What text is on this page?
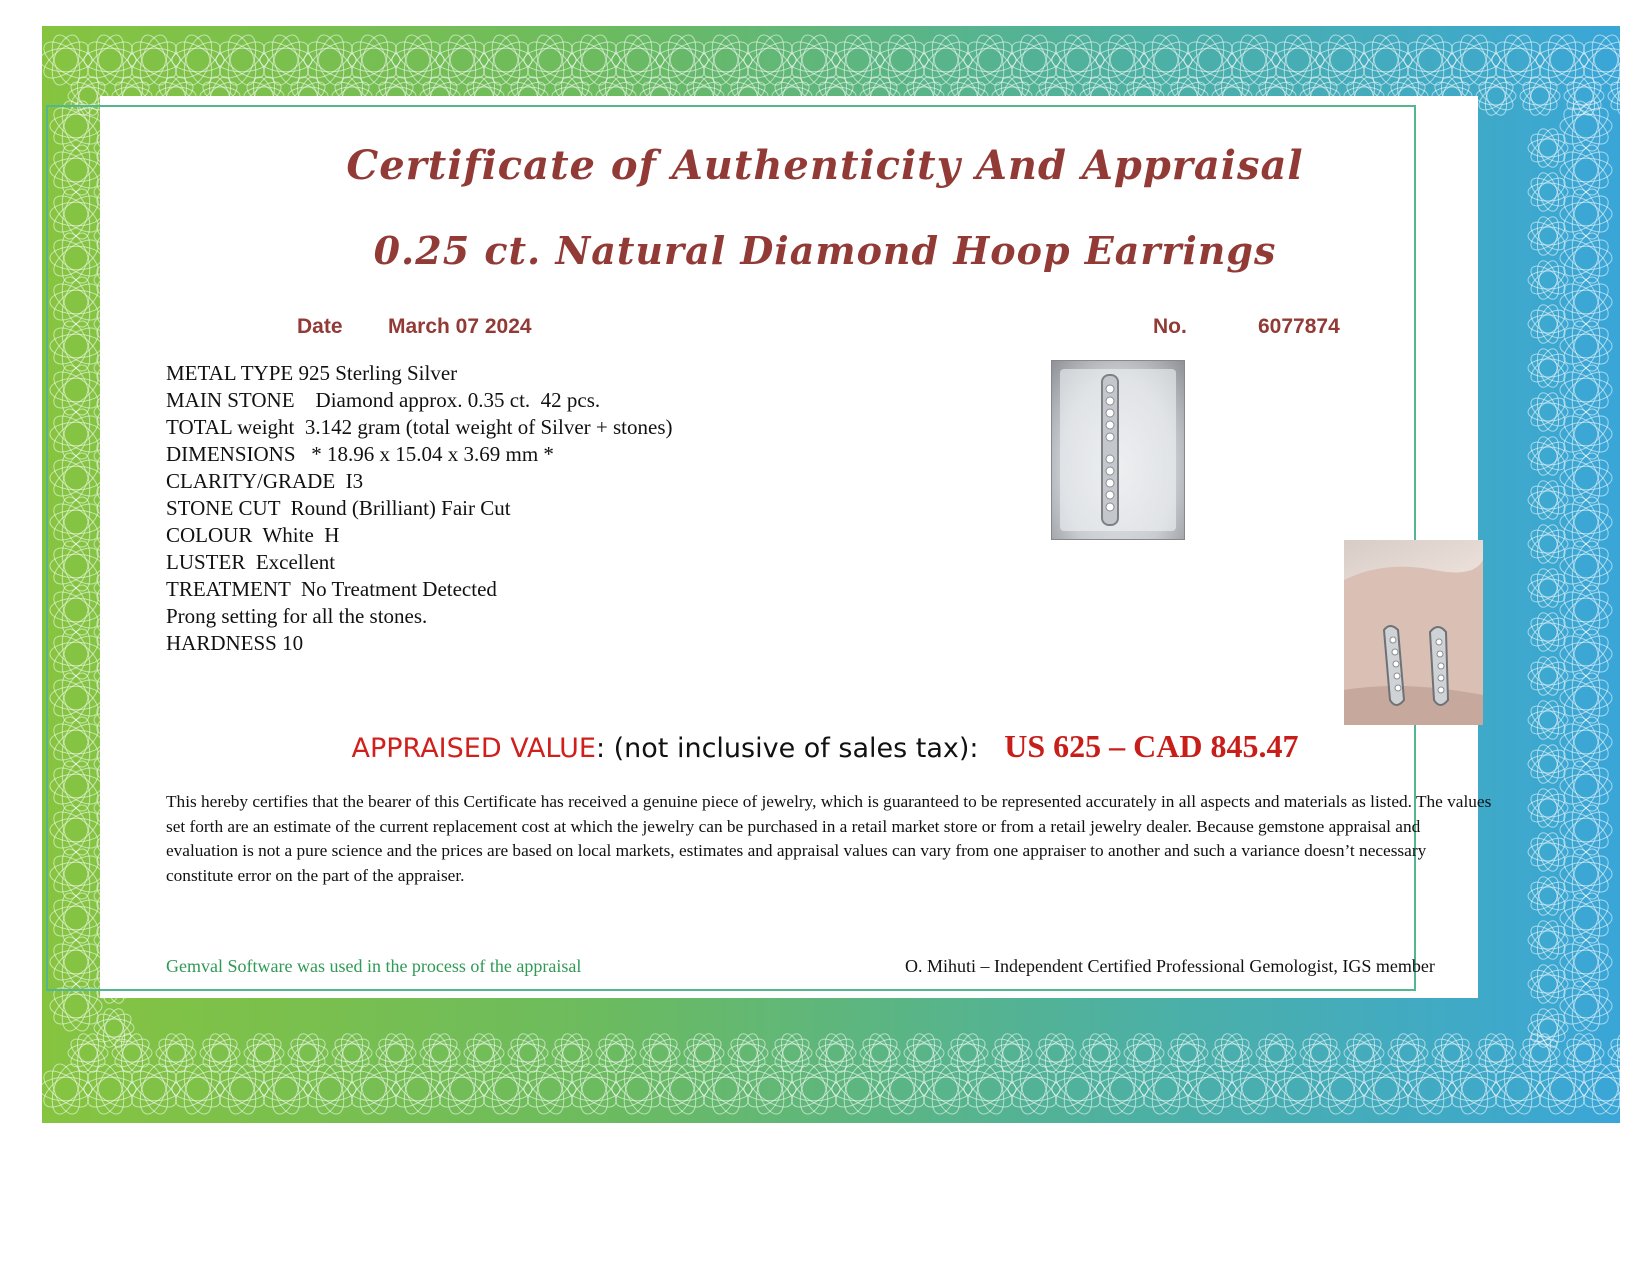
Certificate of Authenticity And Appraisal
0.25 ct. Natural Diamond Hoop Earrings
Date March 07 2024	No.	6077874
METAL TYPE 925 Sterling Silver
MAIN STONE    Diamond approx. 0.35 ct.  42 pcs.
TOTAL weight  3.142 gram (total weight of Silver + stones)
DIMENSIONS   * 18.96 x 15.04 x 3.69 mm *
CLARITY/GRADE  I3
STONE CUT  Round (Brilliant) Fair Cut
COLOUR  White  H
LUSTER  Excellent
TREATMENT  No Treatment Detected
Prong setting for all the stones.
HARDNESS 10
APPRAISED VALUE: (not inclusive of sales tax):   US 625 – CAD 845.47

This hereby certifies that the bearer of this Certificate has received a genuine piece of jewelry, which is guaranteed to be represented accurately in all aspects and materials as listed. The values set forth are an estimate of the current replacement cost at which the jewelry can be purchased in a retail market store or from a retail jewelry dealer. Because gemstone appraisal and evaluation is not a pure science and the prices are based on local markets, estimates and appraisal values can vary from one appraiser to another and such a variance doesn’t necessary constitute error on the part of the appraiser.

Gemval Software was used in the process of the appraisal	O. Mihuti – Independent Certified Professional Gemologist, IGS member
